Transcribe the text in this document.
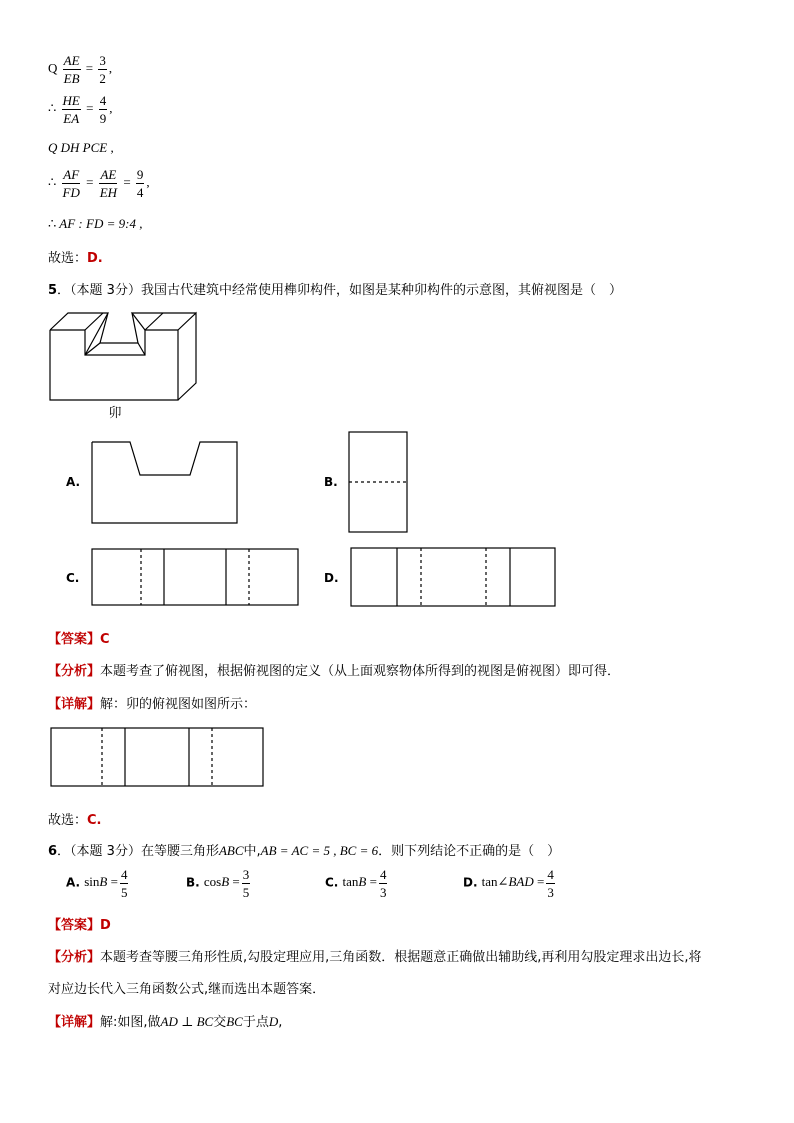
Q $\frac{AE}{EB} = \frac{3}{2}$ ,
∴ $\frac{HE}{EA} = \frac{4}{9}$ ,
Q DH PCE ,
∴ $\frac{AF}{FD} = \frac{AE}{EH} = \frac{9}{4}$ ,
∴ AF : FD = 9:4 ,
故选：D.
5．（本题 3分）我国古代建筑中经常使用榫卯构件，如图是某种卯构件的示意图，其俯视图是（　）
卯
A.	B.
C.	D.
【答案】C
【分析】本题考查了俯视图，根据俯视图的定义（从上面观察物体所得到的视图是俯视图）即可得．
【详解】解：卯的俯视图如图所示：
故选：C.
6．（本题 3分）在等腰三角形ABC中,AB = AC = 5 , BC = 6．则下列结论不正确的是（　）
A. $\sin B = \frac{4}{5}$	B. $\cos B = \frac{3}{5}$	C. $\tan B = \frac{4}{3}$	D. tan∠BAD = $\frac{4}{3}$
【答案】D
【分析】本题考查等腰三角形性质,勾股定理应用,三角函数．根据题意正确做出辅助线,再利用勾股定理求出边长,将
对应边长代入三角函数公式,继而选出本题答案．
【详解】解:如图,做AD ⊥ BC交BC于点D,
